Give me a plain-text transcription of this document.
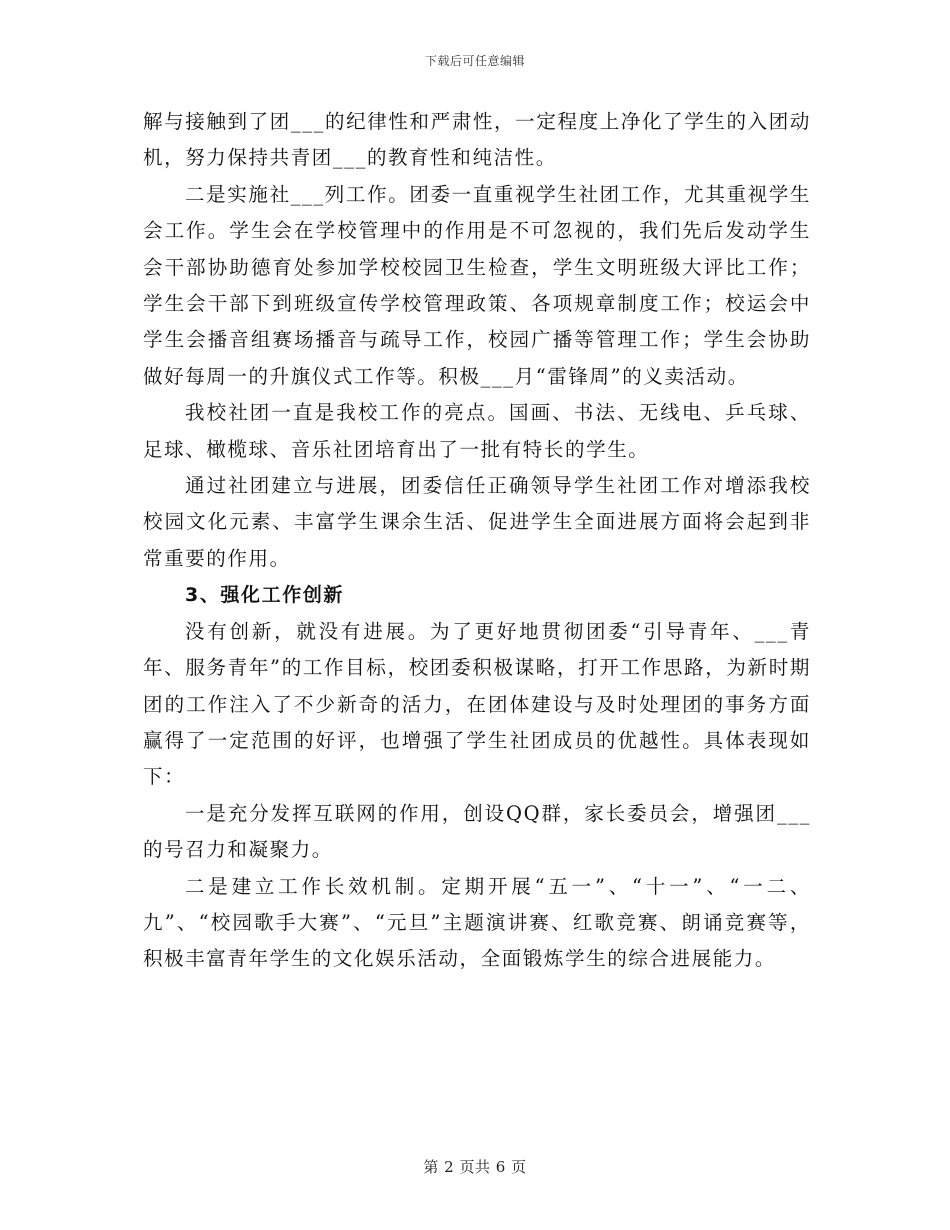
下载后可任意编辑

解与接触到了团___的纪律性和严肃性，一定程度上净化了学生的入团动机，努力保持共青团___的教育性和纯洁性。

二是实施社___列工作。团委一直重视学生社团工作，尤其重视学生会工作。学生会在学校管理中的作用是不可忽视的，我们先后发动学生会干部协助德育处参加学校校园卫生检查，学生文明班级大评比工作；学生会干部下到班级宣传学校管理政策、各项规章制度工作；校运会中学生会播音组赛场播音与疏导工作，校园广播等管理工作；学生会协助做好每周一的升旗仪式工作等。积极___月“雷锋周”的义卖活动。

我校社团一直是我校工作的亮点。国画、书法、无线电、乒乓球、足球、橄榄球、音乐社团培育出了一批有特长的学生。

通过社团建立与进展，团委信任正确领导学生社团工作对增添我校校园文化元素、丰富学生课余生活、促进学生全面进展方面将会起到非常重要的作用。

3、强化工作创新

没有创新，就没有进展。为了更好地贯彻团委“引导青年、___青年、服务青年”的工作目标，校团委积极谋略，打开工作思路，为新时期团的工作注入了不少新奇的活力，在团体建设与及时处理团的事务方面赢得了一定范围的好评，也增强了学生社团成员的优越性。具体表现如下：

一是充分发挥互联网的作用，创设QQ群，家长委员会，增强团___的号召力和凝聚力。

二是建立工作长效机制。定期开展“五一”、“十一”、“一二、九”、“校园歌手大赛”、“元旦”主题演讲赛、红歌竞赛、朗诵竞赛等，积极丰富青年学生的文化娱乐活动，全面锻炼学生的综合进展能力。

第 2 页共 6 页
